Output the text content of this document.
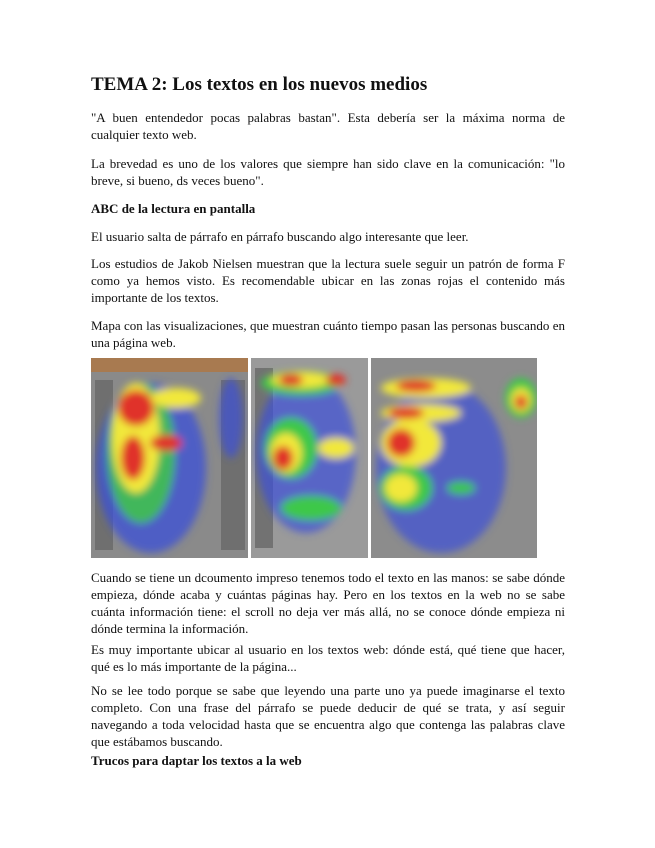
TEMA 2: Los textos en los nuevos medios

"A buen entendedor pocas palabras bastan". Esta debería ser la máxima norma de cualquier texto web.

La brevedad es uno de los valores que siempre han sido clave en la comunicación: "lo breve, si bueno, ds veces bueno".

ABC de la lectura en pantalla

El usuario salta de párrafo en párrafo buscando algo interesante que leer.

Los estudios de Jakob Nielsen muestran que la lectura suele seguir un patrón de forma F como ya hemos visto. Es recomendable ubicar en las zonas rojas el contenido más importante de los textos.

Mapa con las visualizaciones, que muestran cuánto tiempo pasan las personas buscando en una página web.

Cuando se tiene un dcoumento impreso tenemos todo el texto en las manos: se sabe dónde empieza, dónde acaba y cuántas páginas hay. Pero en los textos en la web no se sabe cuánta información tiene: el scroll no deja ver más allá, no se conoce dónde empieza ni dónde termina la información.

Es muy importante ubicar al usuario en los textos web: dónde está, qué tiene que hacer, qué es lo más importante de la página...

No se lee todo porque se sabe que leyendo una parte uno ya puede imaginarse el texto completo. Con una frase del párrafo se puede deducir de qué se trata, y así seguir navegando a toda velocidad hasta que se encuentra algo que contenga las palabras clave que estábamos buscando.

Trucos para daptar los textos a la web
